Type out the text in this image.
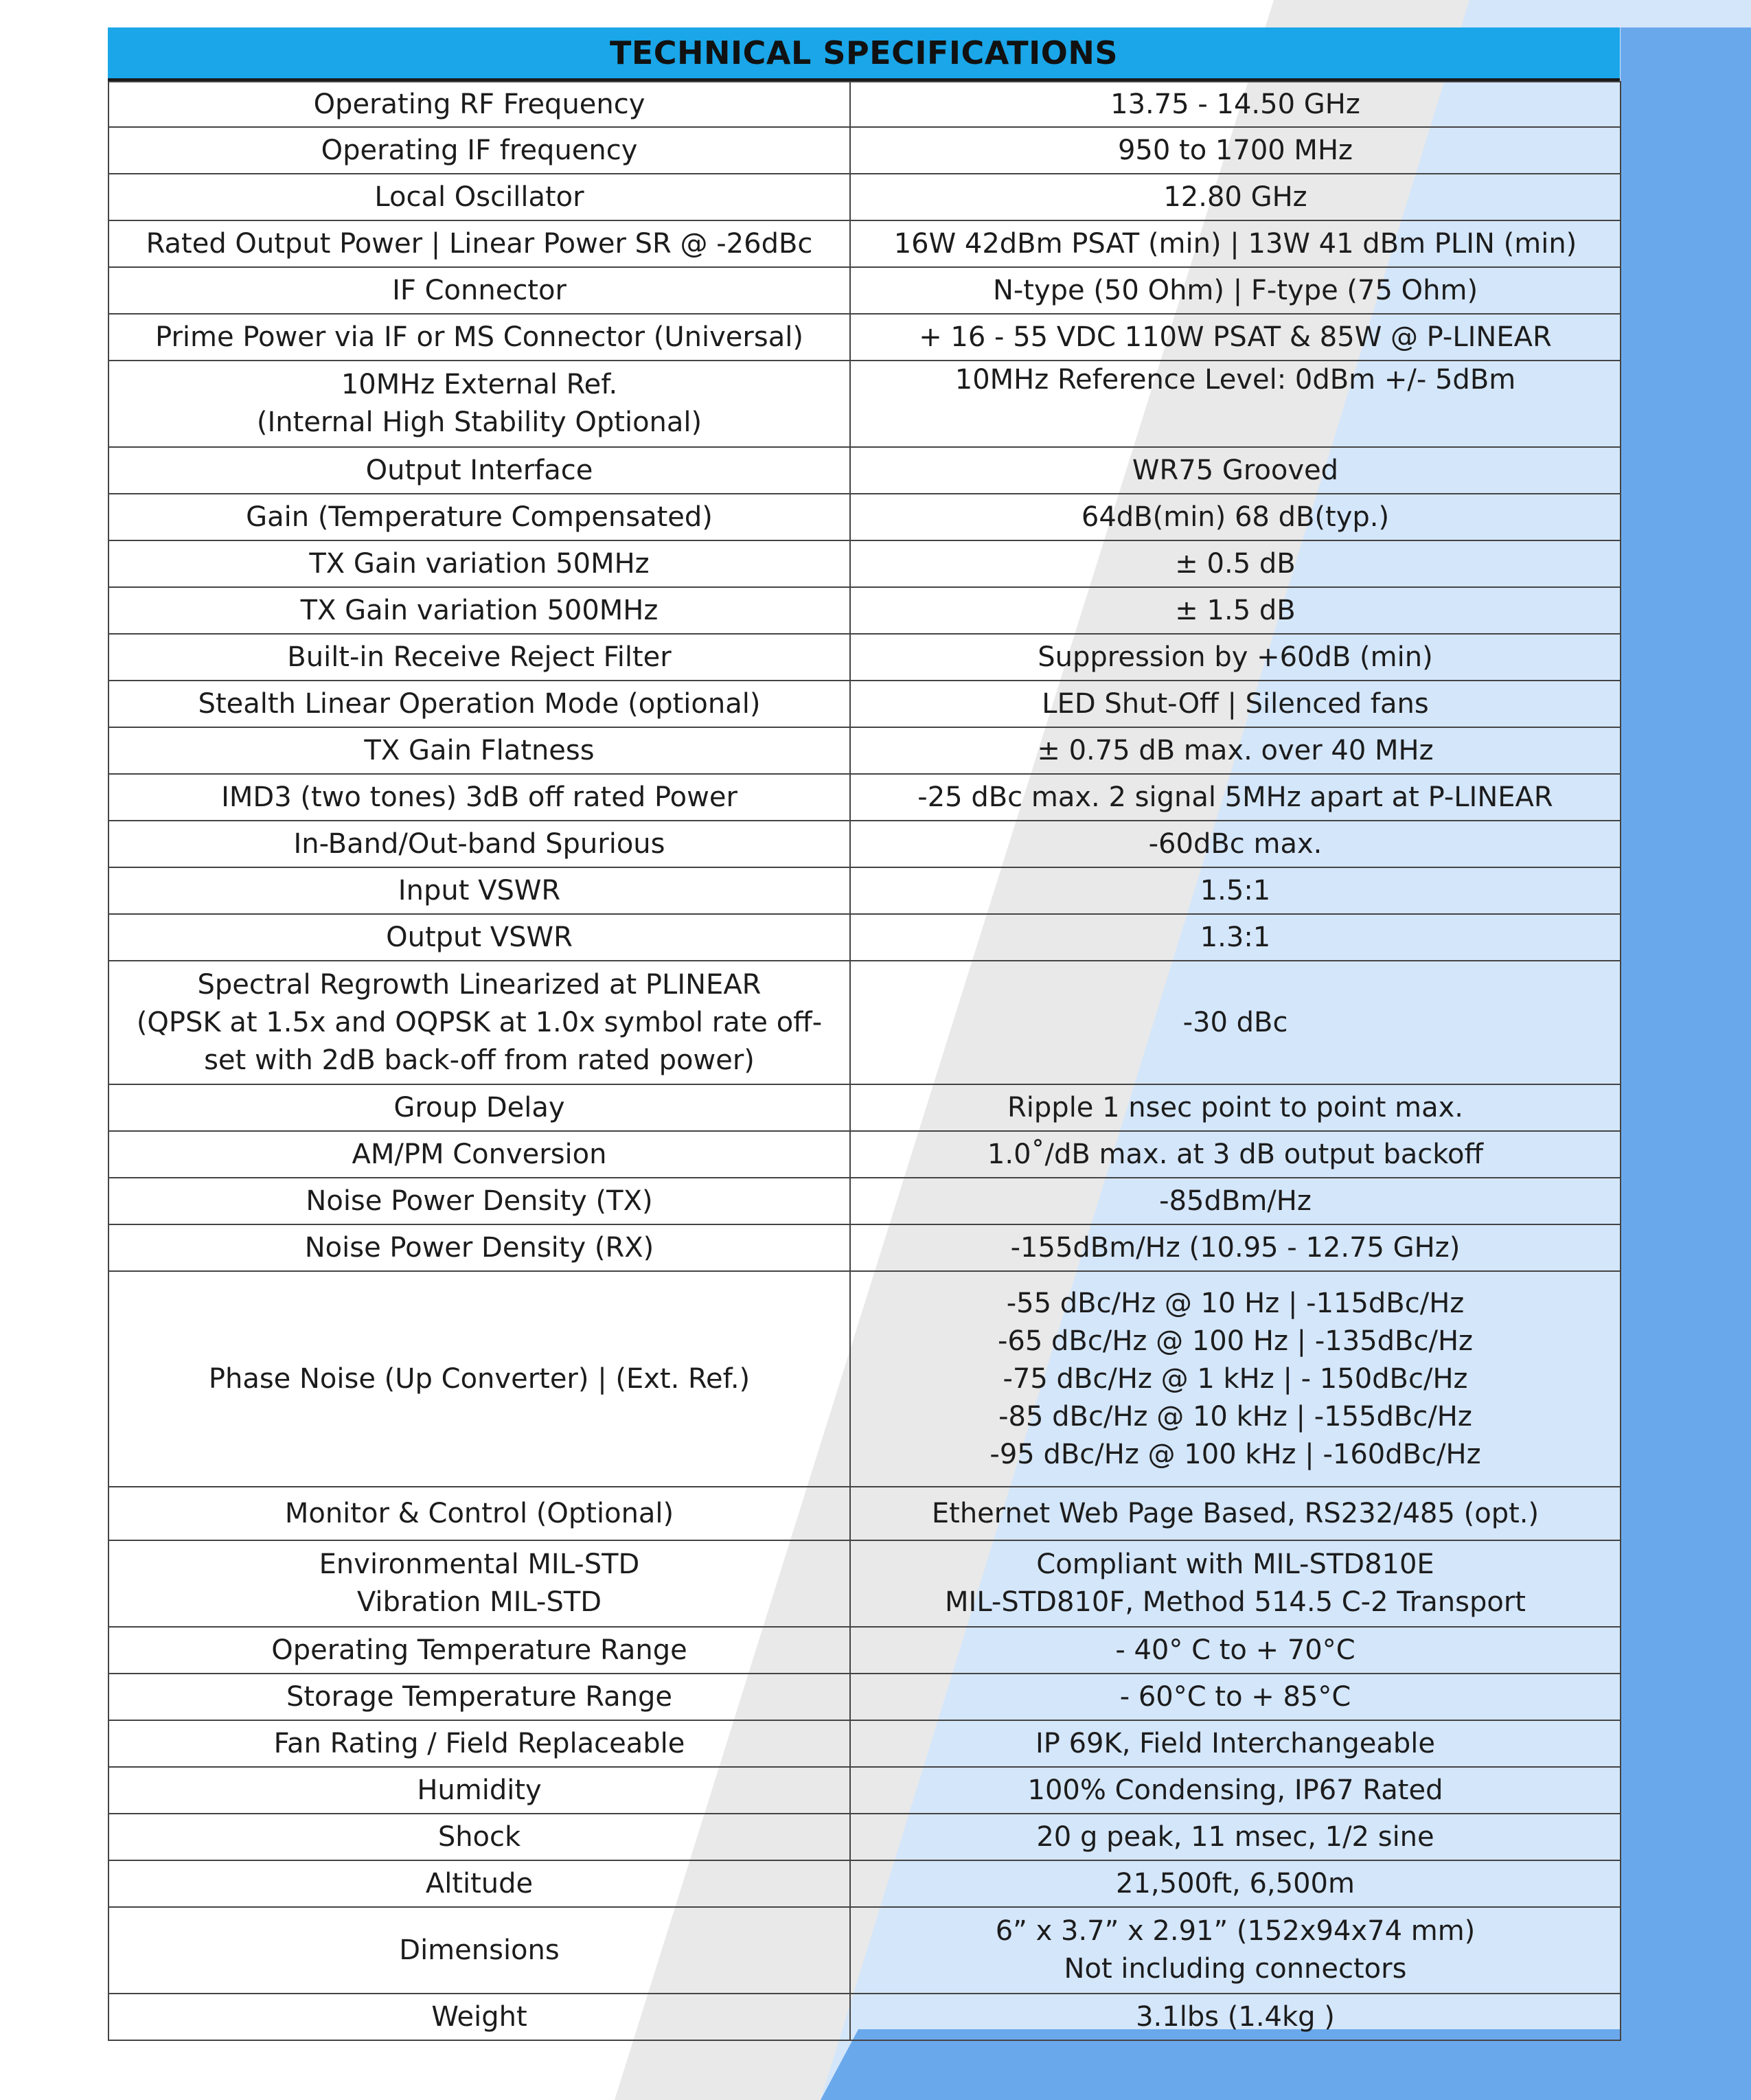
TECHNICAL SPECIFICATIONS
Operating RF Frequency	13.75 - 14.50 GHz
Operating IF frequency	950 to 1700 MHz
Local Oscillator	12.80 GHz
Rated Output Power | Linear Power SR @ -26dBc	16W 42dBm PSAT (min) | 13W 41 dBm PLIN (min)
IF Connector	N-type (50 Ohm) | F-type (75 Ohm)
Prime Power via IF or MS Connector (Universal)	+ 16 - 55 VDC 110W PSAT & 85W @ P-LINEAR
10MHz External Ref.
(Internal High Stability Optional)	10MHz Reference Level: 0dBm +/- 5dBm
Output Interface	WR75 Grooved
Gain (Temperature Compensated)	64dB(min) 68 dB(typ.)
TX Gain variation 50MHz	± 0.5 dB
TX Gain variation 500MHz	± 1.5 dB
Built-in Receive Reject Filter	Suppression by +60dB (min)
Stealth Linear Operation Mode (optional)	LED Shut-Off | Silenced fans
TX Gain Flatness	± 0.75 dB max. over 40 MHz
IMD3 (two tones) 3dB off rated Power	-25 dBc max. 2 signal 5MHz apart at P-LINEAR
In-Band/Out-band Spurious	-60dBc max.
Input VSWR	1.5:1
Output VSWR	1.3:1
Spectral Regrowth Linearized at PLINEAR
(QPSK at 1.5x and OQPSK at 1.0x symbol rate off-
set with 2dB back-off from rated power)	-30 dBc
Group Delay	Ripple 1 nsec point to point max.
AM/PM Conversion	1.0˚/dB max. at 3 dB output backoff
Noise Power Density (TX)	-85dBm/Hz
Noise Power Density (RX)	-155dBm/Hz (10.95 - 12.75 GHz)
Phase Noise (Up Converter) | (Ext. Ref.)	-55 dBc/Hz @ 10 Hz | -115dBc/Hz
-65 dBc/Hz @ 100 Hz | -135dBc/Hz
-75 dBc/Hz @ 1 kHz | - 150dBc/Hz
-85 dBc/Hz @ 10 kHz | -155dBc/Hz
-95 dBc/Hz @ 100 kHz | -160dBc/Hz
Monitor & Control (Optional)	Ethernet Web Page Based, RS232/485 (opt.)
Environmental MIL-STD
Vibration MIL-STD	Compliant with MIL-STD810E
MIL-STD810F, Method 514.5 C-2 Transport
Operating Temperature Range	- 40° C to + 70°C
Storage Temperature Range	- 60°C to + 85°C
Fan Rating / Field Replaceable	IP 69K, Field Interchangeable
Humidity	100% Condensing, IP67 Rated
Shock	20 g peak, 11 msec, 1/2 sine
Altitude	21,500ft, 6,500m
Dimensions	6” x 3.7” x 2.91” (152x94x74 mm)
Not including connectors
Weight	3.1lbs (1.4kg )
